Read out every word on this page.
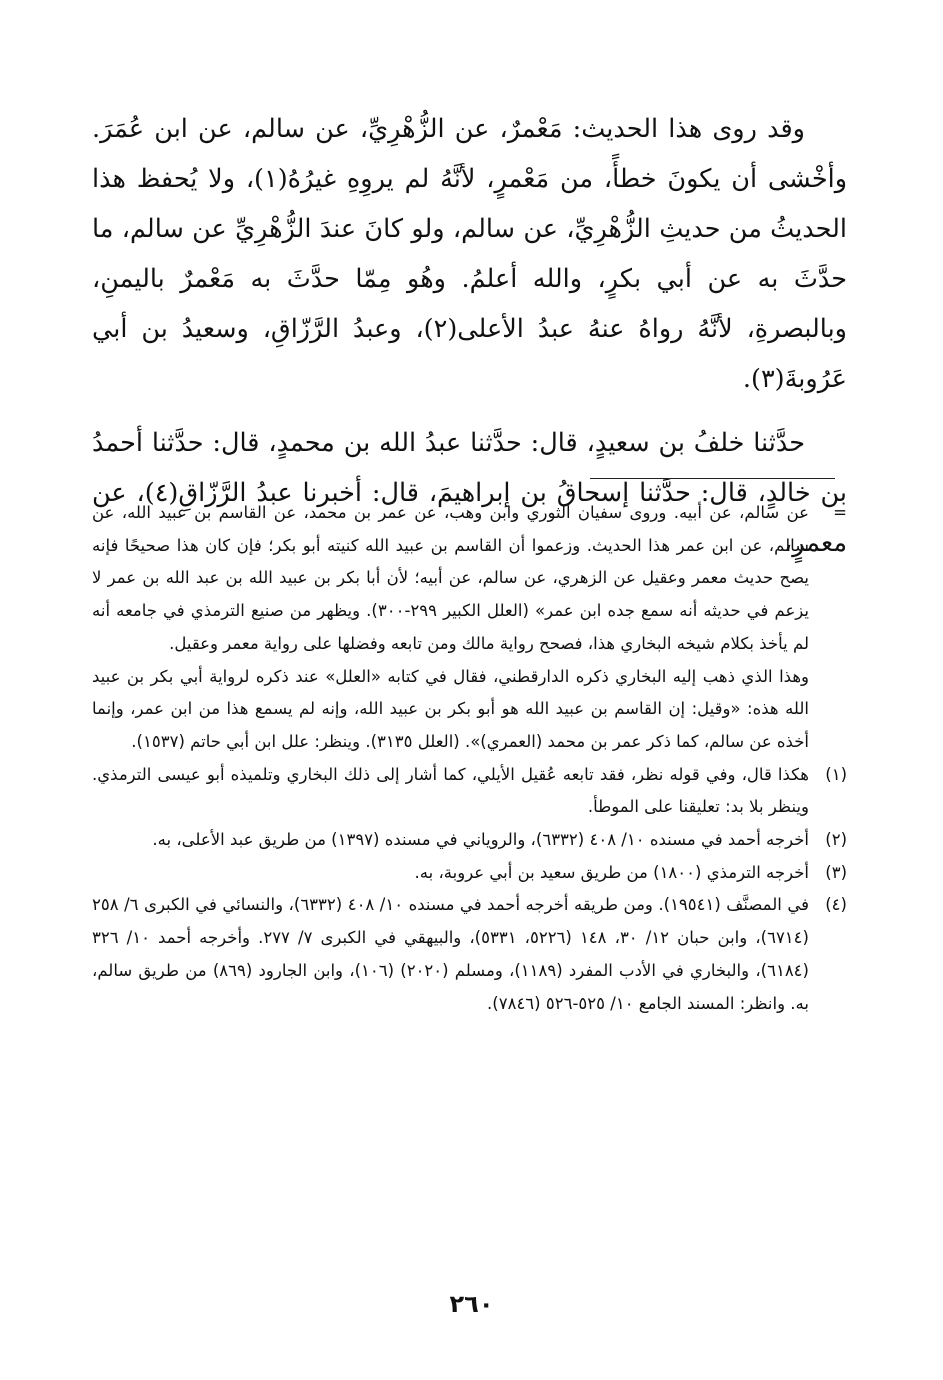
وقد روى هذا الحديث: مَعْمرٌ، عن الزُّهْرِيِّ، عن سالم، عن ابن عُمَرَ. وأخْشى أن يكونَ خطأً، من مَعْمرٍ، لأنَّهُ لم يروِهِ غيرُهُ(١)، ولا يُحفظ هذا الحديثُ من حديثِ الزُّهْرِيِّ، عن سالم، ولو كانَ عندَ الزُّهْرِيِّ عن سالم، ما حدَّثَ به عن أبي بكرٍ، والله أعلمُ. وهُو مِمّا حدَّثَ به مَعْمرٌ باليمنِ، وبالبصرةِ، لأنَّهُ رواهُ عنهُ عبدُ الأعلى(٢)، وعبدُ الرَّزّاقِ، وسعيدُ بن أبي عَرُوبةَ(٣).

حدَّثنا خلفُ بن سعيدٍ، قال: حدَّثنا عبدُ الله بن محمدٍ، قال: حدَّثنا أحمدُ بن خالدٍ، قال: حدَّثنا إسحاقُ بن إبراهيمَ، قال: أخبرنا عبدُ الرَّزّاقِ(٤)، عن معمرٍ،

=عن سالم، عن أبيه. وروى سفيان الثوري وابن وهب، عن عمر بن محمد، عن القاسم بن عبيد الله، عن سالم، عن ابن عمر هذا الحديث. وزعموا أن القاسم بن عبيد الله كنيته أبو بكر؛ فإن كان هذا صحيحًا فإنه يصح حديث معمر وعقيل عن الزهري، عن سالم، عن أبيه؛ لأن أبا بكر بن عبيد الله بن عبد الله بن عمر لا يزعم في حديثه أنه سمع جده ابن عمر» (العلل الكبير ٢٩٩-٣٠٠). ويظهر من صنيع الترمذي في جامعه أنه لم يأخذ بكلام شيخه البخاري هذا، فصحح رواية مالك ومن تابعه وفضلها على رواية معمر وعقيل.

وهذا الذي ذهب إليه البخاري ذكره الدارقطني، فقال في كتابه «العلل» عند ذكره لرواية أبي بكر بن عبيد الله هذه: «وقيل: إن القاسم بن عبيد الله هو أبو بكر بن عبيد الله، وإنه لم يسمع هذا من ابن عمر، وإنما أخذه عن سالم، كما ذكر عمر بن محمد (العمري)». (العلل ٣١٣٥). وينظر: علل ابن أبي حاتم (١٥٣٧).

(١)هكذا قال، وفي قوله نظر، فقد تابعه عُقيل الأيلي، كما أشار إلى ذلك البخاري وتلميذه أبو عيسى الترمذي. وينظر بلا بد: تعليقنا على الموطأ.

(٢)أخرجه أحمد في مسنده ١٠/ ٤٠٨ (٦٣٣٢)، والروياني في مسنده (١٣٩٧) من طريق عبد الأعلى، به.

(٣)أخرجه الترمذي (١٨٠٠) من طريق سعيد بن أبي عروبة، به.

(٤)في المصنَّف (١٩٥٤١). ومن طريقه أخرجه أحمد في مسنده ١٠/ ٤٠٨ (٦٣٣٢)، والنسائي في الكبرى ٦/ ٢٥٨ (٦٧١٤)، وابن حبان ١٢/ ٣٠، ١٤٨ (٥٢٢٦، ٥٣٣١)، والبيهقي في الكبرى ٧/ ٢٧٧. وأخرجه أحمد ١٠/ ٣٢٦ (٦١٨٤)، والبخاري في الأدب المفرد (١١٨٩)، ومسلم (٢٠٢٠) (١٠٦)، وابن الجارود (٨٦٩) من طريق سالم، به. وانظر: المسند الجامع ١٠/ ٥٢٥-٥٢٦ (٧٨٤٦).

٢٦٠
